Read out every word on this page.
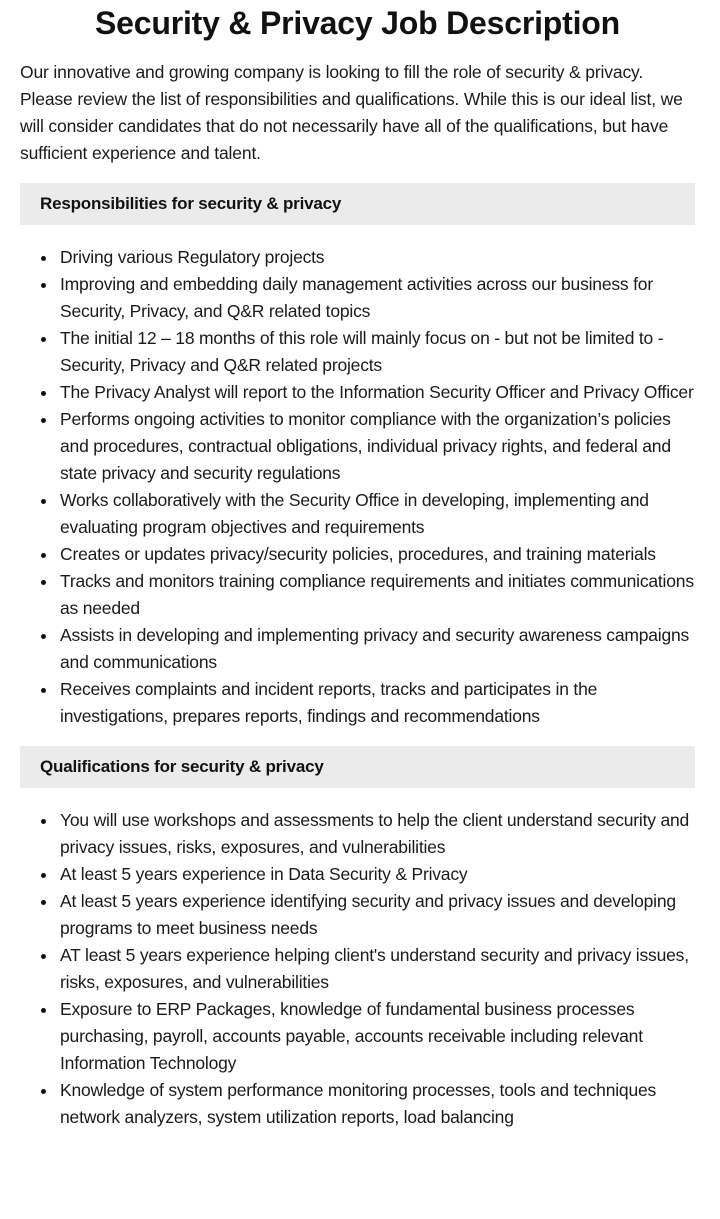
Security & Privacy Job Description

Our innovative and growing company is looking to fill the role of security & privacy. Please review the list of responsibilities and qualifications. While this is our ideal list, we will consider candidates that do not necessarily have all of the qualifications, but have sufficient experience and talent.

Responsibilities for security & privacy
Driving various Regulatory projects
Improving and embedding daily management activities across our business for Security, Privacy, and Q&R related topics
The initial 12 – 18 months of this role will mainly focus on - but not be limited to - Security, Privacy and Q&R related projects
The Privacy Analyst will report to the Information Security Officer and Privacy Officer
Performs ongoing activities to monitor compliance with the organization’s policies and procedures, contractual obligations, individual privacy rights, and federal and state privacy and security regulations
Works collaboratively with the Security Office in developing, implementing and evaluating program objectives and requirements
Creates or updates privacy/security policies, procedures, and training materials
Tracks and monitors training compliance requirements and initiates communications as needed
Assists in developing and implementing privacy and security awareness campaigns and communications
Receives complaints and incident reports, tracks and participates in the investigations, prepares reports, findings and recommendations
Qualifications for security & privacy
You will use workshops and assessments to help the client understand security and privacy issues, risks, exposures, and vulnerabilities
At least 5 years experience in Data Security & Privacy
At least 5 years experience identifying security and privacy issues and developing programs to meet business needs
AT least 5 years experience helping client's understand security and privacy issues, risks, exposures, and vulnerabilities
Exposure to ERP Packages, knowledge of fundamental business processes purchasing, payroll, accounts payable, accounts receivable including relevant Information Technology
Knowledge of system performance monitoring processes, tools and techniques network analyzers, system utilization reports, load balancing
